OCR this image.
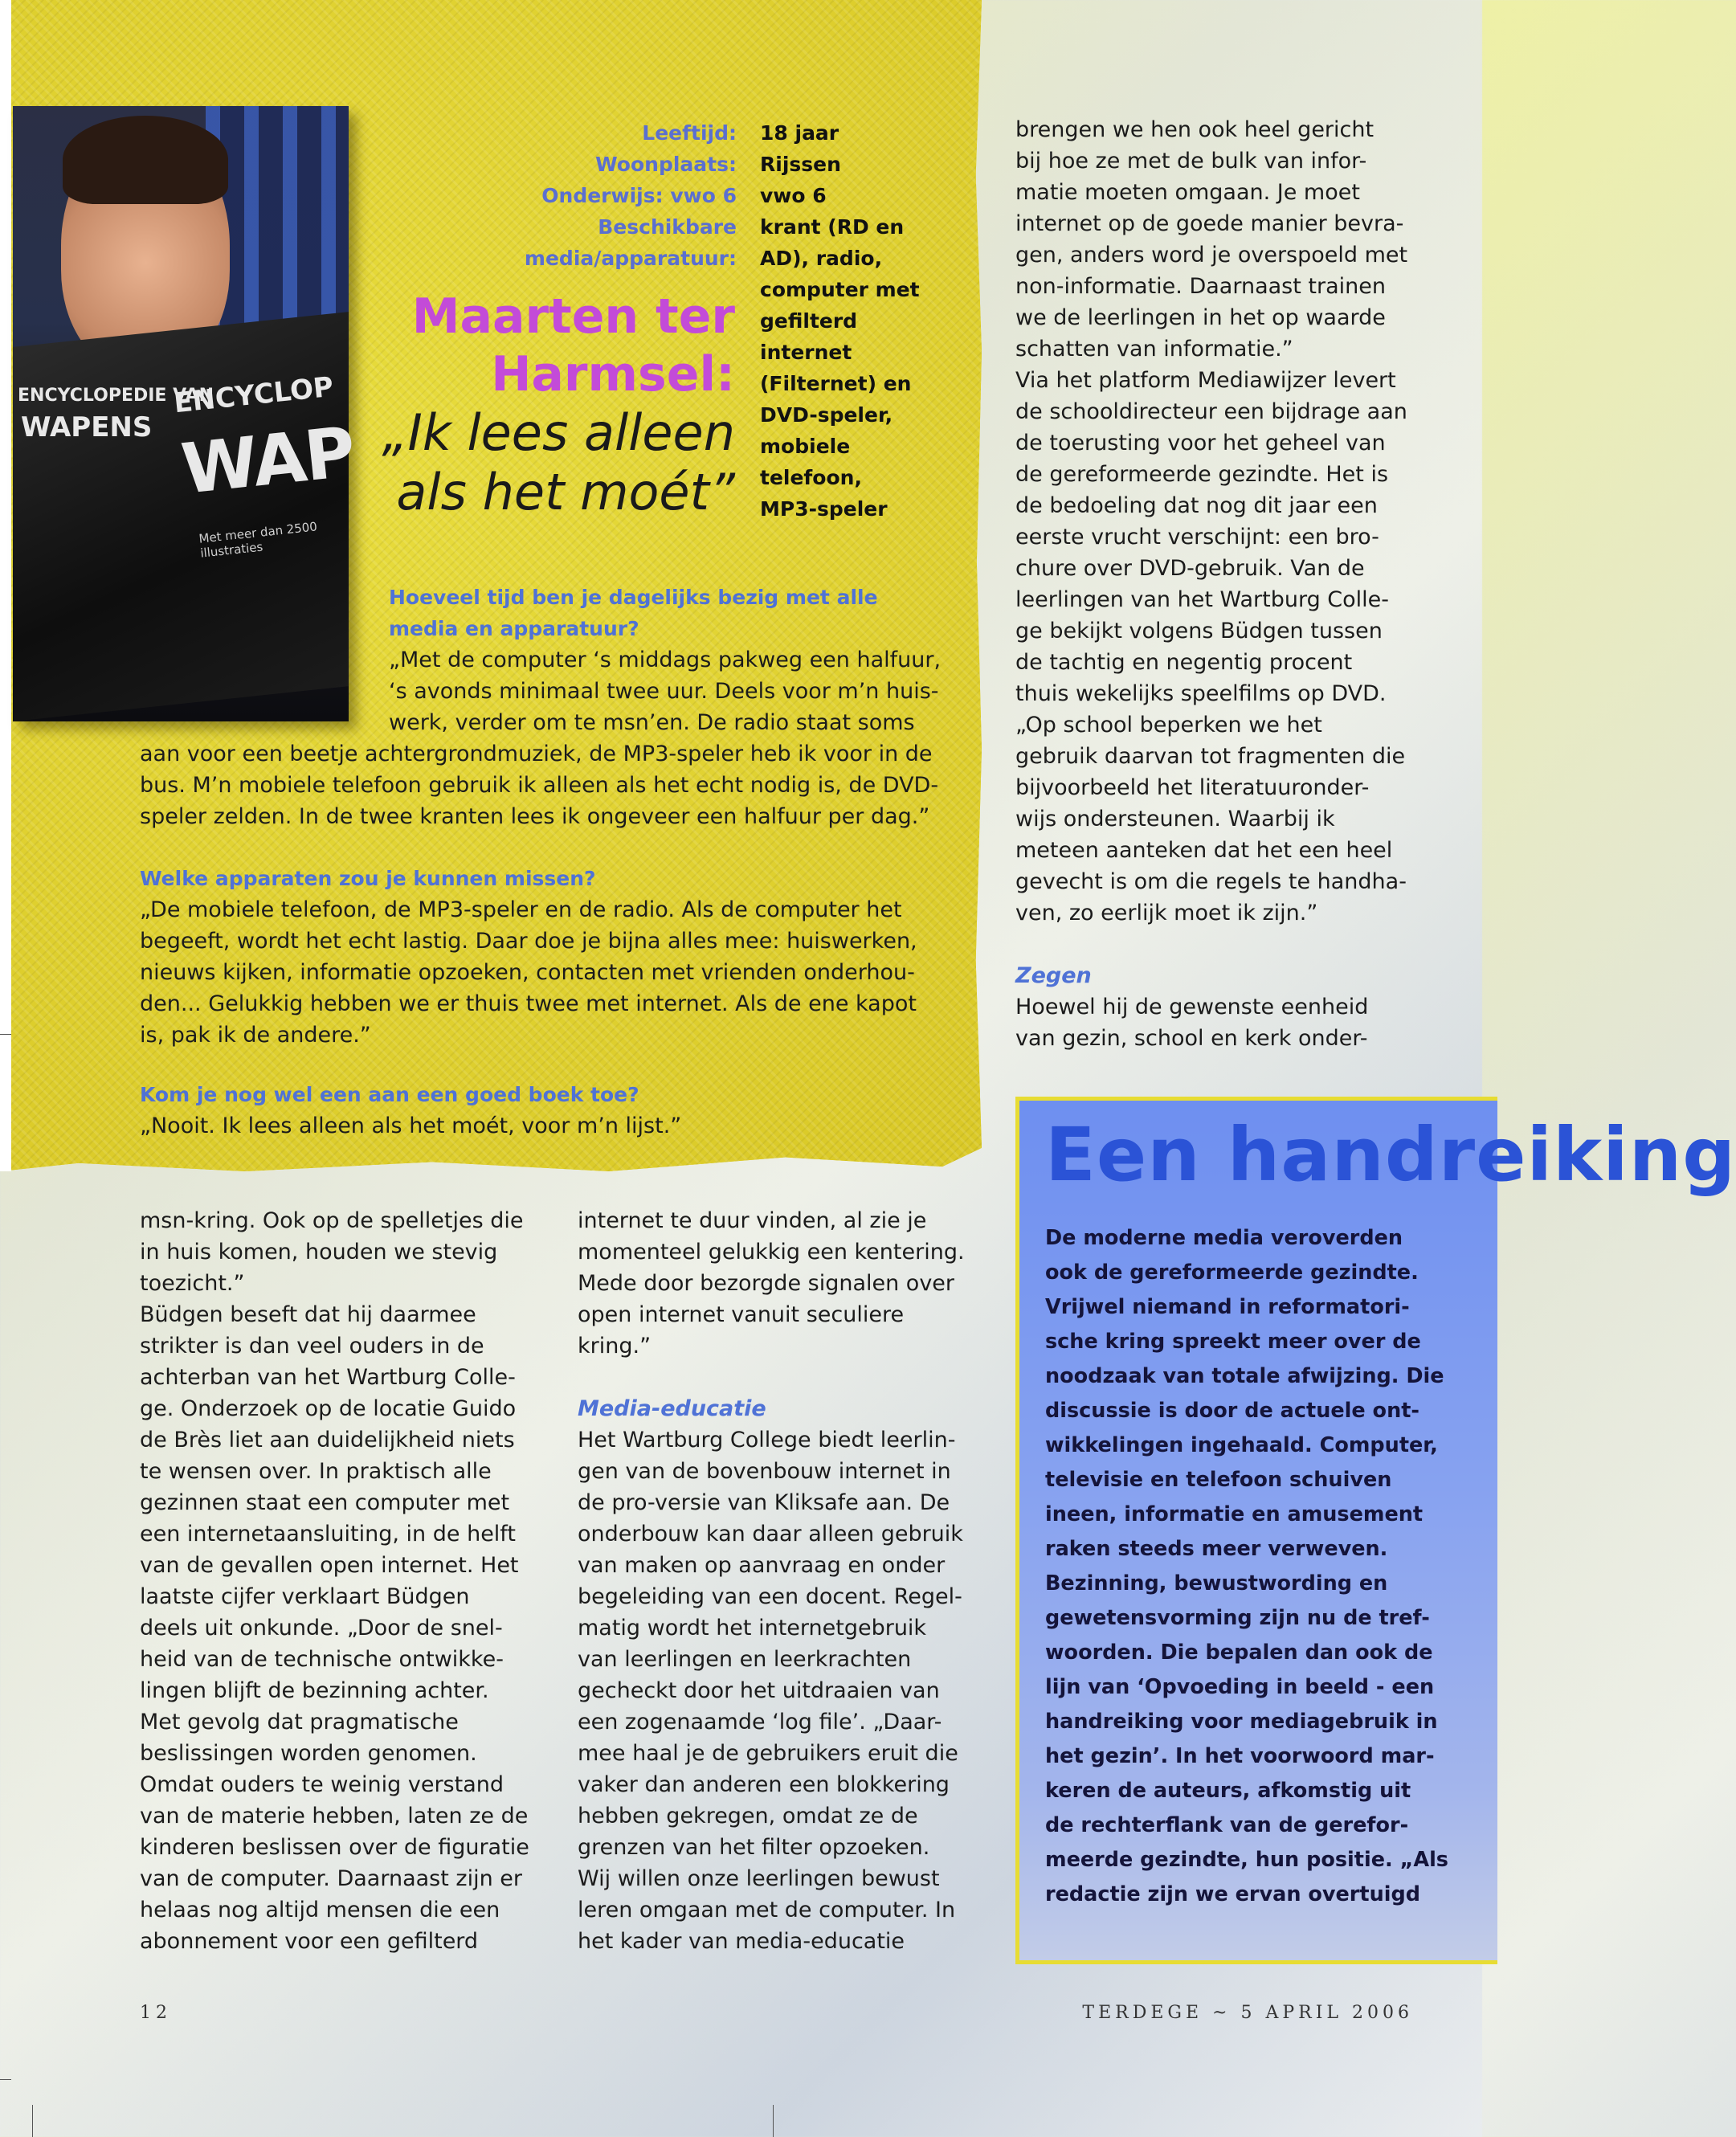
ENCYCLOPEDIE VAN
WAPENS
ENCYCLOP
WAP
Met meer dan 2500 illustraties
Leeftijd:
Woonplaats:
Onderwijs: vwo 6
Beschikbare
media/apparatuur:
18 jaar
Rijssen
vwo 6
krant (RD en
AD), radio,
computer met
gefilterd
internet
(Filternet) en
DVD-speler,
mobiele
telefoon,
MP3-speler
Maarten ter
Harmsel:
„Ik lees alleen
als het moét”
Hoeveel tijd ben je dagelijks bezig met alle media en apparatuur?
„Met de computer ‘s middags pakweg een halfuur,
‘s avonds minimaal twee uur. Deels voor m’n huis-
werk, verder om te msn’en. De radio staat soms
aan voor een beetje achtergrondmuziek, de MP3-speler heb ik voor in de
bus. M’n mobiele telefoon gebruik ik alleen als het echt nodig is, de DVD-
speler zelden. In de twee kranten lees ik ongeveer een halfuur per dag.”
Welke apparaten zou je kunnen missen?
„De mobiele telefoon, de MP3-speler en de radio. Als de computer het
begeeft, wordt het echt lastig. Daar doe je bijna alles mee: huiswerken,
nieuws kijken, informatie opzoeken, contacten met vrienden onderhou-
den... Gelukkig hebben we er thuis twee met internet. Als de ene kapot
is, pak ik de andere.”
Kom je nog wel een aan een goed boek toe?
„Nooit. Ik lees alleen als het moét, voor m’n lijst.”
brengen we hen ook heel gericht
bij hoe ze met de bulk van infor-
matie moeten omgaan. Je moet
internet op de goede manier bevra-
gen, anders word je overspoeld met
non-informatie. Daarnaast trainen
we de leerlingen in het op waarde
schatten van informatie.”
Via het platform Mediawijzer levert
de schooldirecteur een bijdrage aan
de toerusting voor het geheel van
de gereformeerde gezindte. Het is
de bedoeling dat nog dit jaar een
eerste vrucht verschijnt: een bro-
chure over DVD-gebruik. Van de
leerlingen van het Wartburg Colle-
ge bekijkt volgens Büdgen tussen
de tachtig en negentig procent
thuis wekelijks speelfilms op DVD.
„Op school beperken we het
gebruik daarvan tot fragmenten die
bijvoorbeeld het literatuuronder-
wijs ondersteunen. Waarbij ik
meteen aanteken dat het een heel
gevecht is om die regels te handha-
ven, zo eerlijk moet ik zijn.”
Zegen
Hoewel hij de gewenste eenheid
van gezin, school en kerk onder-
msn-kring. Ook op de spelletjes die
in huis komen, houden we stevig
toezicht.”
Büdgen beseft dat hij daarmee
strikter is dan veel ouders in de
achterban van het Wartburg Colle-
ge. Onderzoek op de locatie Guido
de Brès liet aan duidelijkheid niets
te wensen over. In praktisch alle
gezinnen staat een computer met
een internetaansluiting, in de helft
van de gevallen open internet. Het
laatste cijfer verklaart Büdgen
deels uit onkunde. „Door de snel-
heid van de technische ontwikke-
lingen blijft de bezinning achter.
Met gevolg dat pragmatische
beslissingen worden genomen.
Omdat ouders te weinig verstand
van de materie hebben, laten ze de
kinderen beslissen over de figuratie
van de computer. Daarnaast zijn er
helaas nog altijd mensen die een
abonnement voor een gefilterd
internet te duur vinden, al zie je
momenteel gelukkig een kentering.
Mede door bezorgde signalen over
open internet vanuit seculiere
kring.”
Media-educatie
Het Wartburg College biedt leerlin-
gen van de bovenbouw internet in
de pro-versie van Kliksafe aan. De
onderbouw kan daar alleen gebruik
van maken op aanvraag en onder
begeleiding van een docent. Regel-
matig wordt het internetgebruik
van leerlingen en leerkrachten
gecheckt door het uitdraaien van
een zogenaamde ‘log file’. „Daar-
mee haal je de gebruikers eruit die
vaker dan anderen een blokkering
hebben gekregen, omdat ze de
grenzen van het filter opzoeken.
Wij willen onze leerlingen bewust
leren omgaan met de computer. In
het kader van media-educatie
Een handreiking
De moderne media veroverden
ook de gereformeerde gezindte.
Vrijwel niemand in reformatori-
sche kring spreekt meer over de
noodzaak van totale afwijzing. Die
discussie is door de actuele ont-
wikkelingen ingehaald. Computer,
televisie en telefoon schuiven
ineen, informatie en amusement
raken steeds meer verweven.
Bezinning, bewustwording en
gewetensvorming zijn nu de tref-
woorden. Die bepalen dan ook de
lijn van ‘Opvoeding in beeld - een
handreiking voor mediagebruik in
het gezin’. In het voorwoord mar-
keren de auteurs, afkomstig uit
de rechterflank van de gerefor-
meerde gezindte, hun positie. „Als
redactie zijn we ervan overtuigd
12	TERDEGE ~ 5 APRIL 2006
